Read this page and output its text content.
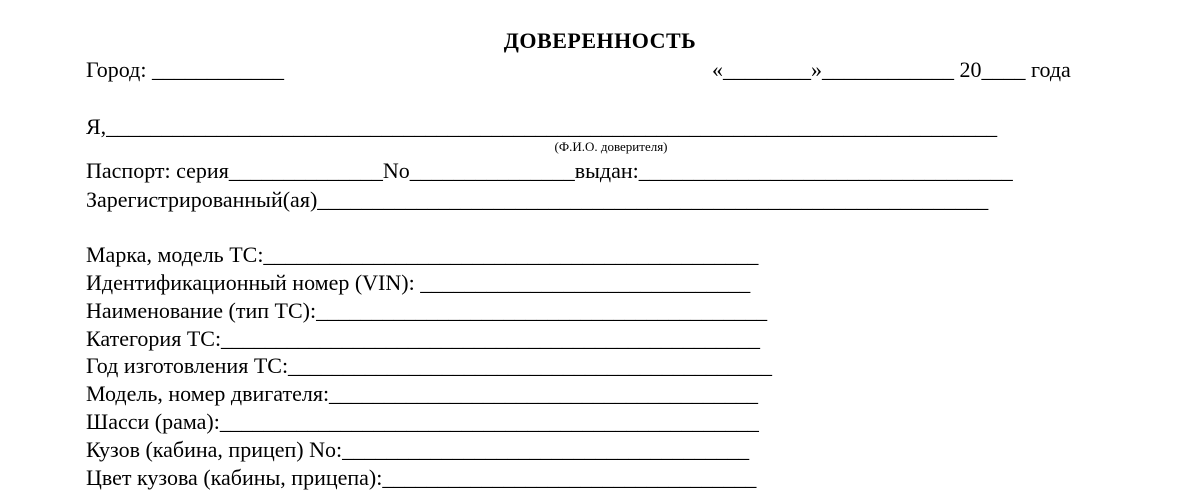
ДОВЕРЕННОСТЬ
Город: ____________	«________»____________ 20____ года
Я,_________________________________________________________________________________
(Ф.И.О. доверителя)
Паспорт: серия______________No_______________выдан:__________________________________
Зарегистрированный(ая)_____________________________________________________________
Марка, модель ТС:_____________________________________________
Идентификационный номер (VIN): ______________________________
Наименование (тип ТС):_________________________________________
Категория ТС:_________________________________________________
Год изготовления ТС:____________________________________________
Модель, номер двигателя:_______________________________________
Шасси (рама):_________________________________________________
Кузов (кабина, прицеп) No:_____________________________________
Цвет кузова (кабины, прицепа):__________________________________
